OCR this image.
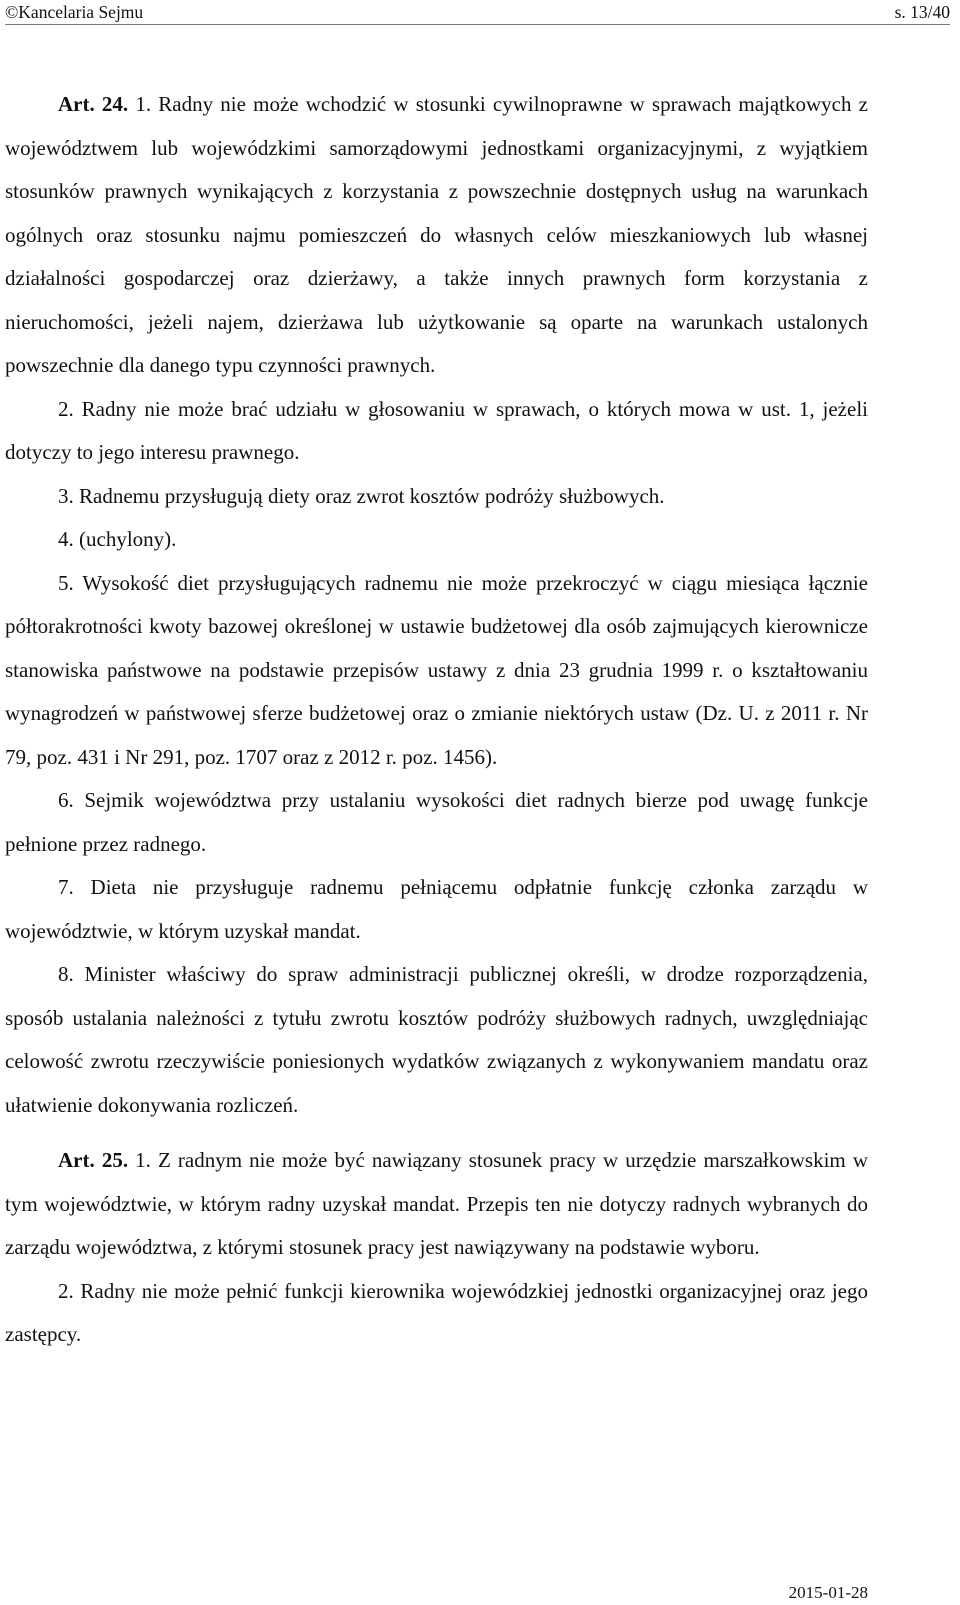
©Kancelaria Sejmu	s. 13/40

Art. 24. 1. Radny nie może wchodzić w stosunki cywilnoprawne w sprawach majątkowych z województwem lub wojewódzkimi samorządowymi jednostkami organizacyjnymi, z wyjątkiem stosunków prawnych wynikających z korzystania z powszechnie dostępnych usług na warunkach ogólnych oraz stosunku najmu pomieszczeń do własnych celów mieszkaniowych lub własnej działalności gospodarczej oraz dzierżawy, a także innych prawnych form korzystania z nieruchomości, jeżeli najem, dzierżawa lub użytkowanie są oparte na warunkach ustalonych powszechnie dla danego typu czynności prawnych.

2. Radny nie może brać udziału w głosowaniu w sprawach, o których mowa w ust. 1, jeżeli dotyczy to jego interesu prawnego.

3. Radnemu przysługują diety oraz zwrot kosztów podróży służbowych.

4. (uchylony).

5. Wysokość diet przysługujących radnemu nie może przekroczyć w ciągu miesiąca łącznie półtorakrotności kwoty bazowej określonej w ustawie budżetowej dla osób zajmujących kierownicze stanowiska państwowe na podstawie przepisów ustawy z dnia 23 grudnia 1999 r. o kształtowaniu wynagrodzeń w państwowej sferze budżetowej oraz o zmianie niektórych ustaw (Dz. U. z 2011 r. Nr 79, poz. 431 i Nr 291, poz. 1707 oraz z 2012 r. poz. 1456).

6. Sejmik województwa przy ustalaniu wysokości diet radnych bierze pod uwagę funkcje pełnione przez radnego.

7. Dieta nie przysługuje radnemu pełniącemu odpłatnie funkcję członka zarządu w województwie, w którym uzyskał mandat.

8. Minister właściwy do spraw administracji publicznej określi, w drodze rozporządzenia, sposób ustalania należności z tytułu zwrotu kosztów podróży służbowych radnych, uwzględniając celowość zwrotu rzeczywiście poniesionych wydatków związanych z wykonywaniem mandatu oraz ułatwienie dokonywania rozliczeń.

Art. 25. 1. Z radnym nie może być nawiązany stosunek pracy w urzędzie marszałkowskim w tym województwie, w którym radny uzyskał mandat. Przepis ten nie dotyczy radnych wybranych do zarządu województwa, z którymi stosunek pracy jest nawiązywany na podstawie wyboru.

2. Radny nie może pełnić funkcji kierownika wojewódzkiej jednostki organizacyjnej oraz jego zastępcy.

2015-01-28
